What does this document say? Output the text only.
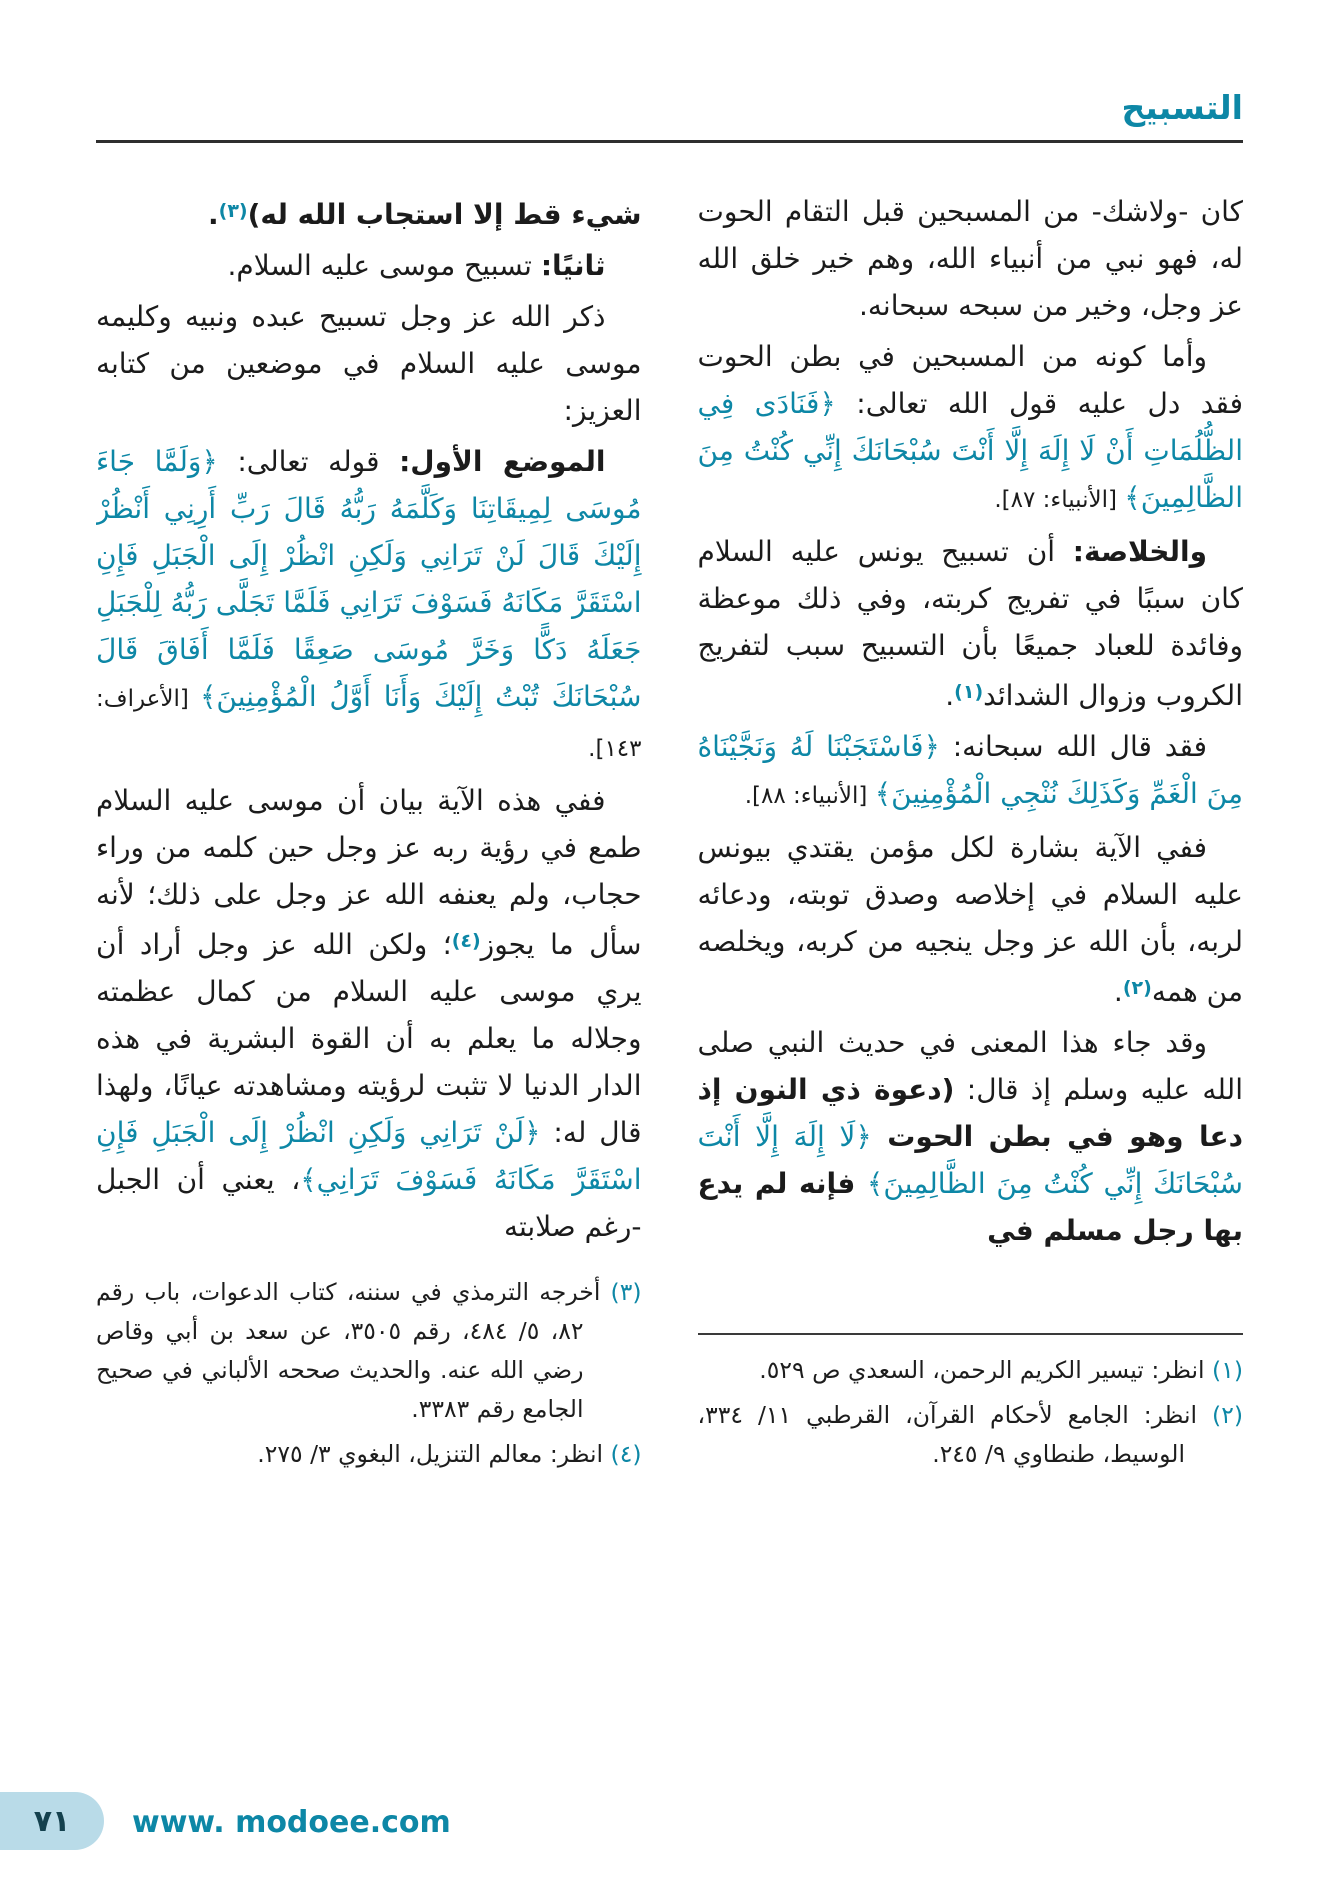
التسبيح

كان -ولاشك- من المسبحين قبل التقام الحوت له، فهو نبي من أنبياء الله، وهم خير خلق الله عز وجل، وخير من سبحه سبحانه.

وأما كونه من المسبحين في بطن الحوت فقد دل عليه قول الله تعالى: ﴿فَنَادَى فِي الظُّلُمَاتِ أَنْ لَا إِلَهَ إِلَّا أَنْتَ سُبْحَانَكَ إِنِّي كُنْتُ مِنَ الظَّالِمِينَ﴾ [الأنبياء: ٨٧].

والخلاصة: أن تسبيح يونس عليه السلام كان سببًا في تفريج كربته، وفي ذلك موعظة وفائدة للعباد جميعًا بأن التسبيح سبب لتفريج الكروب وزوال الشدائد$^{(١)}$.

فقد قال الله سبحانه: ﴿فَاسْتَجَبْنَا لَهُ وَنَجَّيْنَاهُ مِنَ الْغَمِّ وَكَذَلِكَ نُنْجِي الْمُؤْمِنِينَ﴾ [الأنبياء: ٨٨].

ففي الآية بشارة لكل مؤمن يقتدي بيونس عليه السلام في إخلاصه وصدق توبته، ودعائه لربه، بأن الله عز وجل ينجيه من كربه، ويخلصه من همه$^{(٢)}$.

وقد جاء هذا المعنى في حديث النبي صلى الله عليه وسلم إذ قال: (دعوة ذي النون إذ دعا وهو في بطن الحوت ﴿لَا إِلَهَ إِلَّا أَنْتَ سُبْحَانَكَ إِنِّي كُنْتُ مِنَ الظَّالِمِينَ﴾ فإنه لم يدع بها رجل مسلم في

(١) انظر: تيسير الكريم الرحمن، السعدي ص ٥٢٩.
(٢) انظر: الجامع لأحكام القرآن، القرطبي ١١/ ٣٣٤، الوسيط، طنطاوي ٩/ ٢٤٥.

شيء قط إلا استجاب الله له)$^{(٣)}$.

ثانيًا: تسبيح موسى عليه السلام.

ذكر الله عز وجل تسبيح عبده ونبيه وكليمه موسى عليه السلام في موضعين من كتابه العزيز:

الموضع الأول: قوله تعالى: ﴿وَلَمَّا جَاءَ مُوسَى لِمِيقَاتِنَا وَكَلَّمَهُ رَبُّهُ قَالَ رَبِّ أَرِنِي أَنْظُرْ إِلَيْكَ قَالَ لَنْ تَرَانِي وَلَكِنِ انْظُرْ إِلَى الْجَبَلِ فَإِنِ اسْتَقَرَّ مَكَانَهُ فَسَوْفَ تَرَانِي فَلَمَّا تَجَلَّى رَبُّهُ لِلْجَبَلِ جَعَلَهُ دَكًّا وَخَرَّ مُوسَى صَعِقًا فَلَمَّا أَفَاقَ قَالَ سُبْحَانَكَ تُبْتُ إِلَيْكَ وَأَنَا أَوَّلُ الْمُؤْمِنِينَ﴾ [الأعراف: ١٤٣].

ففي هذه الآية بيان أن موسى عليه السلام طمع في رؤية ربه عز وجل حين كلمه من وراء حجاب، ولم يعنفه الله عز وجل على ذلك؛ لأنه سأل ما يجوز$^{(٤)}$؛ ولكن الله عز وجل أراد أن يري موسى عليه السلام من كمال عظمته وجلاله ما يعلم به أن القوة البشرية في هذه الدار الدنيا لا تثبت لرؤيته ومشاهدته عيانًا، ولهذا قال له: ﴿لَنْ تَرَانِي وَلَكِنِ انْظُرْ إِلَى الْجَبَلِ فَإِنِ اسْتَقَرَّ مَكَانَهُ فَسَوْفَ تَرَانِي﴾، يعني أن الجبل -رغم صلابته

(٣) أخرجه الترمذي في سننه، كتاب الدعوات، باب رقم ٨٢، ٥/ ٤٨٤، رقم ٣٥٠٥، عن سعد بن أبي وقاص رضي الله عنه. والحديث صححه الألباني في صحيح الجامع رقم ٣٣٨٣.
(٤) انظر: معالم التنزيل، البغوي ٣/ ٢٧٥.
٧١ www. modoee.com
